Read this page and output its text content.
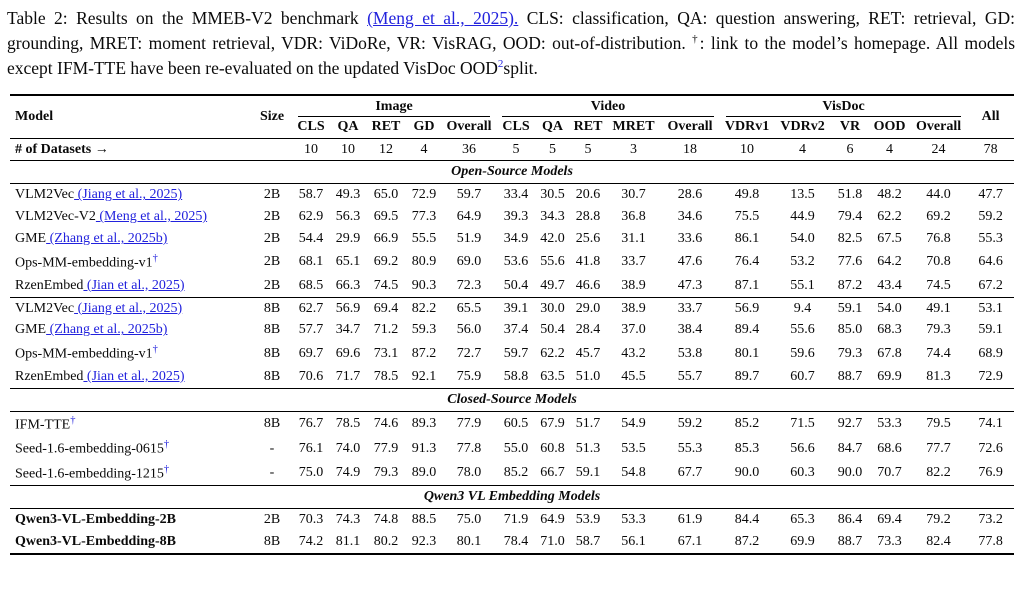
Table 2: Results on the MMEB-V2 benchmark (Meng et al., 2025). CLS: classification, QA: question answering, RET: retrieval, GD: grounding, MRET: moment retrieval, VDR: ViDoRe, VR: VisRAG, OOD: out-of-distribution. †: link to the model’s homepage. All models except IFM-TTE have been re-evaluated on the updated VisDoc OOD$^2$split.

Model	Size	Image					Video					VisDoc					All
		CLS	QA	RET	GD	Overall	CLS	QA	RET	MRET	Overall	VDRv1	VDRv2	VR	OOD	Overall	
# of Datasets →		10	10	12	4	36	5	5	5	3	18	10	4	6	4	24	78
Open-Source Models																	
VLM2Vec (Jiang et al., 2025)	2B	58.7	49.3	65.0	72.9	59.7	33.4	30.5	20.6	30.7	28.6	49.8	13.5	51.8	48.2	44.0	47.7
VLM2Vec-V2 (Meng et al., 2025)	2B	62.9	56.3	69.5	77.3	64.9	39.3	34.3	28.8	36.8	34.6	75.5	44.9	79.4	62.2	69.2	59.2
GME (Zhang et al., 2025b)	2B	54.4	29.9	66.9	55.5	51.9	34.9	42.0	25.6	31.1	33.6	86.1	54.0	82.5	67.5	76.8	55.3
Ops-MM-embedding-v1†	2B	68.1	65.1	69.2	80.9	69.0	53.6	55.6	41.8	33.7	47.6	76.4	53.2	77.6	64.2	70.8	64.6
RzenEmbed (Jian et al., 2025)	2B	68.5	66.3	74.5	90.3	72.3	50.4	49.7	46.6	38.9	47.3	87.1	55.1	87.2	43.4	74.5	67.2
VLM2Vec (Jiang et al., 2025)	8B	62.7	56.9	69.4	82.2	65.5	39.1	30.0	29.0	38.9	33.7	56.9	9.4	59.1	54.0	49.1	53.1
GME (Zhang et al., 2025b)	8B	57.7	34.7	71.2	59.3	56.0	37.4	50.4	28.4	37.0	38.4	89.4	55.6	85.0	68.3	79.3	59.1
Ops-MM-embedding-v1†	8B	69.7	69.6	73.1	87.2	72.7	59.7	62.2	45.7	43.2	53.8	80.1	59.6	79.3	67.8	74.4	68.9
RzenEmbed (Jian et al., 2025)	8B	70.6	71.7	78.5	92.1	75.9	58.8	63.5	51.0	45.5	55.7	89.7	60.7	88.7	69.9	81.3	72.9
Closed-Source Models																	
IFM-TTE†	8B	76.7	78.5	74.6	89.3	77.9	60.5	67.9	51.7	54.9	59.2	85.2	71.5	92.7	53.3	79.5	74.1
Seed-1.6-embedding-0615†	-	76.1	74.0	77.9	91.3	77.8	55.0	60.8	51.3	53.5	55.3	85.3	56.6	84.7	68.6	77.7	72.6
Seed-1.6-embedding-1215†	-	75.0	74.9	79.3	89.0	78.0	85.2	66.7	59.1	54.8	67.7	90.0	60.3	90.0	70.7	82.2	76.9
Qwen3 VL Embedding Models																	
Qwen3-VL-Embedding-2B	2B	70.3	74.3	74.8	88.5	75.0	71.9	64.9	53.9	53.3	61.9	84.4	65.3	86.4	69.4	79.2	73.2
Qwen3-VL-Embedding-8B	8B	74.2	81.1	80.2	92.3	80.1	78.4	71.0	58.7	56.1	67.1	87.2	69.9	88.7	73.3	82.4	77.8
